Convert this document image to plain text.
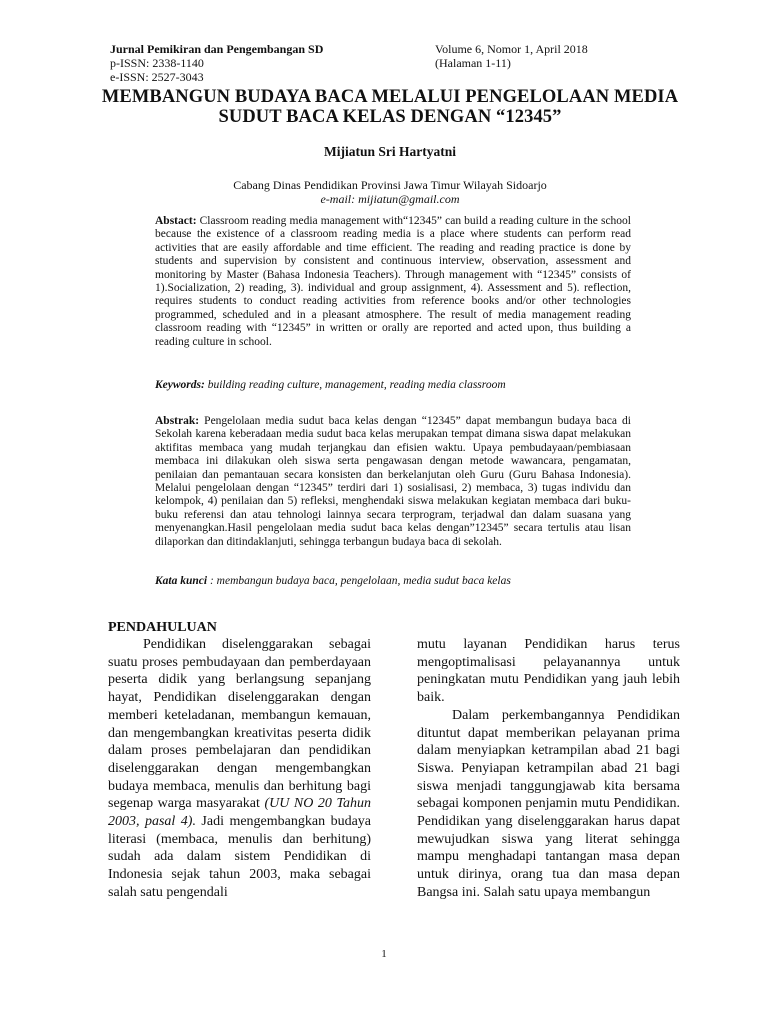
Jurnal Pemikiran dan Pengembangan SD
p-ISSN: 2338-1140
e-ISSN: 2527-3043
Volume 6, Nomor 1, April 2018
(Halaman 1-11)
MEMBANGUN BUDAYA BACA MELALUI PENGELOLAAN MEDIA
SUDUT BACA KELAS DENGAN “12345”
Mijiatun Sri Hartyatni
Cabang Dinas Pendidikan Provinsi Jawa Timur Wilayah Sidoarjo
e-mail: mijiatun@gmail.com
Abstact: Classroom reading media management with“12345” can build a reading culture in the school because the existence of a classroom reading media is a place where students can perform read activities that are easily affordable and time efficient. The reading and reading practice is done by students and supervision by consistent and continuous interview, observation, assessment and monitoring by Master (Bahasa Indonesia Teachers). Through management with “12345” consists of 1).Socialization, 2) reading, 3). individual and group assignment, 4). Assessment and 5). reflection, requires students to conduct reading activities from reference books and/or other technologies programmed, scheduled and in a pleasant atmosphere. The result of media management reading classroom reading with “12345” in written or orally are reported and acted upon, thus building a reading culture in school.
Keywords: building reading culture, management, reading media classroom
Abstrak: Pengelolaan media sudut baca kelas dengan “12345” dapat membangun budaya baca di Sekolah karena keberadaan media sudut baca kelas merupakan tempat dimana siswa dapat melakukan aktifitas membaca yang mudah terjangkau dan efisien waktu. Upaya pembudayaan/pembiasaan membaca ini dilakukan oleh siswa serta pengawasan dengan metode wawancara, pengamatan, penilaian dan pemantauan secara konsisten dan berkelanjutan oleh Guru (Guru Bahasa Indonesia). Melalui pengelolaan dengan “12345” terdiri dari 1) sosialisasi, 2) membaca, 3) tugas individu dan kelompok, 4) penilaian dan 5) refleksi, menghendaki siswa melakukan kegiatan membaca dari buku-buku referensi dan atau tehnologi lainnya secara terprogram, terjadwal dan dalam suasana yang menyenangkan.Hasil pengelolaan media sudut baca kelas dengan”12345” secara tertulis atau lisan dilaporkan dan ditindaklanjuti, sehingga terbangun budaya baca di sekolah.
Kata kunci : membangun budaya baca, pengelolaan, media sudut baca kelas
PENDAHULUAN

Pendidikan diselenggarakan sebagai suatu proses pembudayaan dan pemberdayaan peserta didik yang berlangsung sepanjang hayat, Pendidikan diselenggarakan dengan memberi keteladanan, membangun kemauan, dan mengembangkan kreativitas peserta didik dalam proses pembelajaran dan pendidikan diselenggarakan dengan mengembangkan budaya membaca, menulis dan berhitung bagi segenap warga masyarakat (UU NO 20 Tahun 2003, pasal 4). Jadi mengembangkan budaya literasi (membaca, menulis dan berhitung) sudah ada dalam sistem Pendidikan di Indonesia sejak tahun 2003, maka sebagai salah satu pengendali

mutu layanan Pendidikan harus terus mengoptimalisasi pelayanannya untuk peningkatan mutu Pendidikan yang jauh lebih baik.

Dalam perkembangannya Pendidikan dituntut dapat memberikan pelayanan prima dalam menyiapkan ketrampilan abad 21 bagi Siswa. Penyiapan ketrampilan abad 21 bagi siswa menjadi tanggungjawab kita bersama sebagai komponen penjamin mutu Pendidikan. Pendidikan yang diselenggarakan harus dapat mewujudkan siswa yang literat sehingga mampu menghadapi tantangan masa depan untuk dirinya, orang tua dan masa depan Bangsa ini. Salah satu upaya membangun

1
